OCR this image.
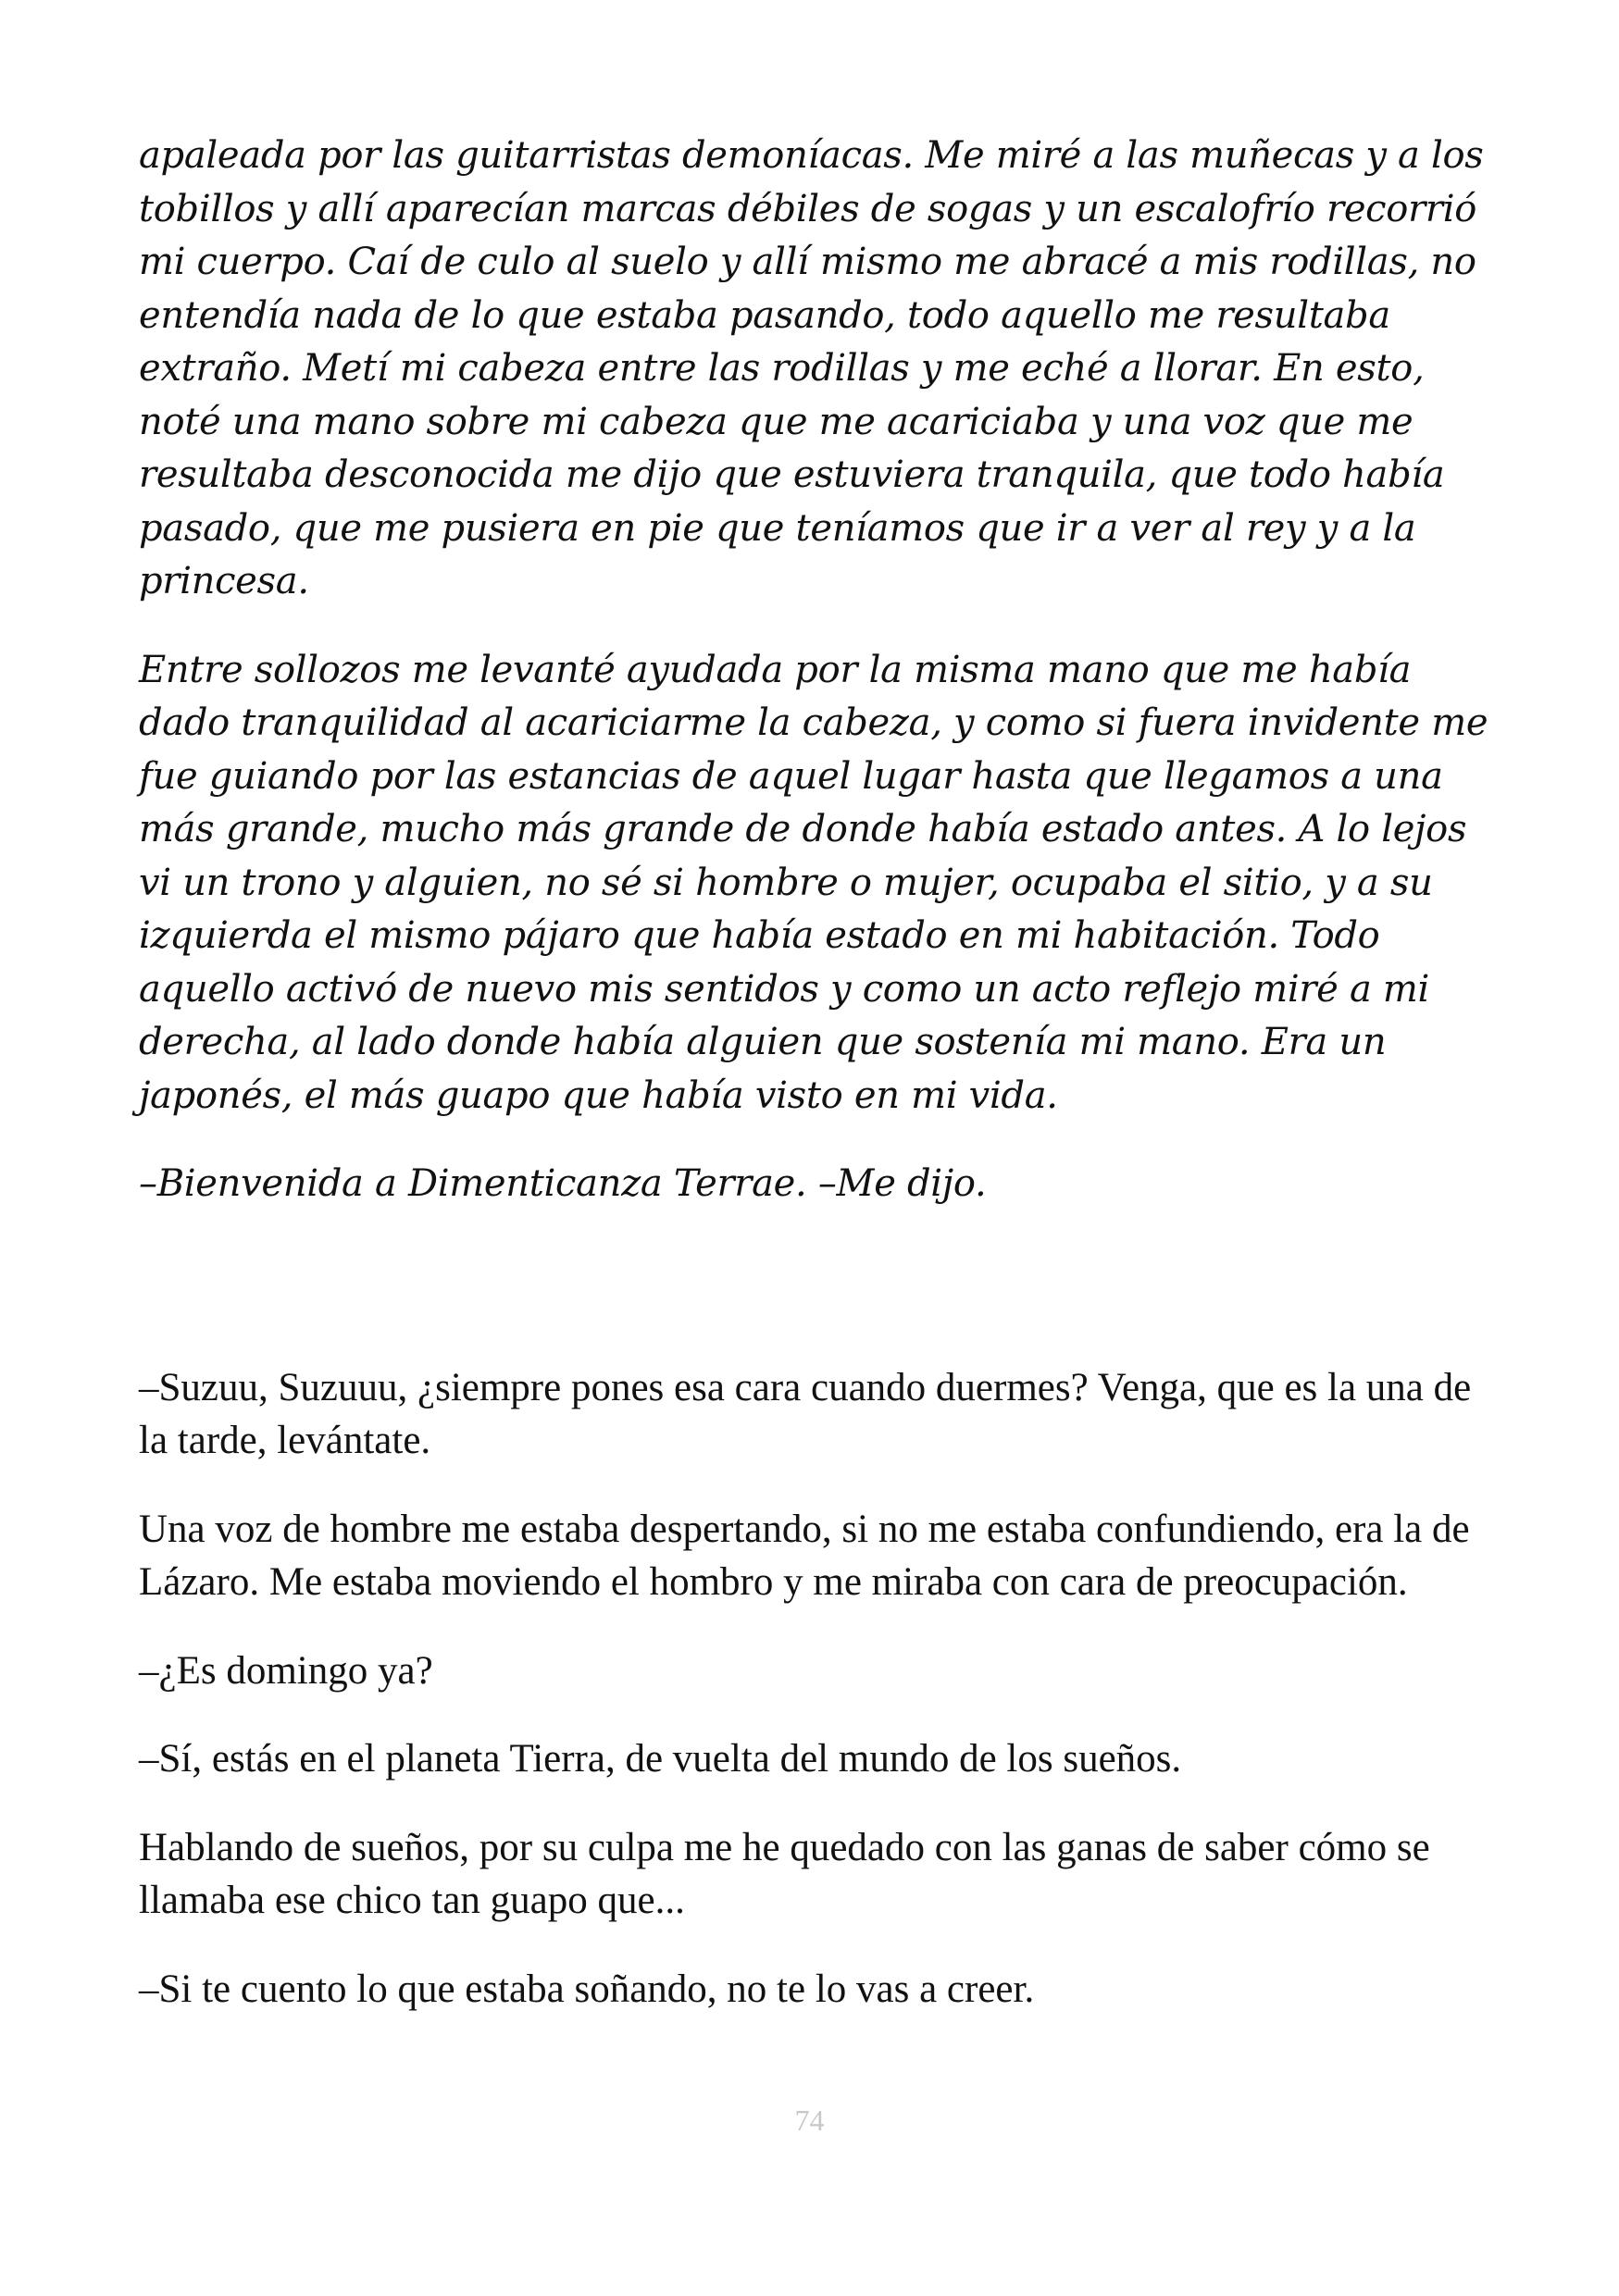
apaleada por las guitarristas demoníacas. Me miré a las muñecas y a los tobillos y allí aparecían marcas débiles de sogas y un escalofrío recorrió mi cuerpo. Caí de culo al suelo y allí mismo me abracé a mis rodillas, no entendía nada de lo que estaba pasando, todo aquello me resultaba extraño. Metí mi cabeza entre las rodillas y me eché a llorar. En esto, noté una mano sobre mi cabeza que me acariciaba y una voz que me resultaba desconocida me dijo que estuviera tranquila, que todo había pasado, que me pusiera en pie que teníamos que ir a ver al rey y a la princesa.

Entre sollozos me levanté ayudada por la misma mano que me había dado tranquilidad al acariciarme la cabeza, y como si fuera invidente me fue guiando por las estancias de aquel lugar hasta que llegamos a una más grande, mucho más grande de donde había estado antes. A lo lejos vi un trono y alguien, no sé si hombre o mujer, ocupaba el sitio, y a su izquierda el mismo pájaro que había estado en mi habitación. Todo aquello activó de nuevo mis sentidos y como un acto reflejo miré a mi derecha, al lado donde había alguien que sostenía mi mano. Era un japonés, el más guapo que había visto en mi vida.

–Bienvenida a Dimenticanza Terrae. –Me dijo.

–Suzuu, Suzuuu, ¿siempre pones esa cara cuando duermes? Venga, que es la una de la tarde, levántate.

Una voz de hombre me estaba despertando, si no me estaba confundiendo, era la de Lázaro. Me estaba moviendo el hombro y me miraba con cara de preocupación.

–¿Es domingo ya?

–Sí, estás en el planeta Tierra, de vuelta del mundo de los sueños.

Hablando de sueños, por su culpa me he quedado con las ganas de saber cómo se llamaba ese chico tan guapo que...

–Si te cuento lo que estaba soñando, no te lo vas a creer.

74
